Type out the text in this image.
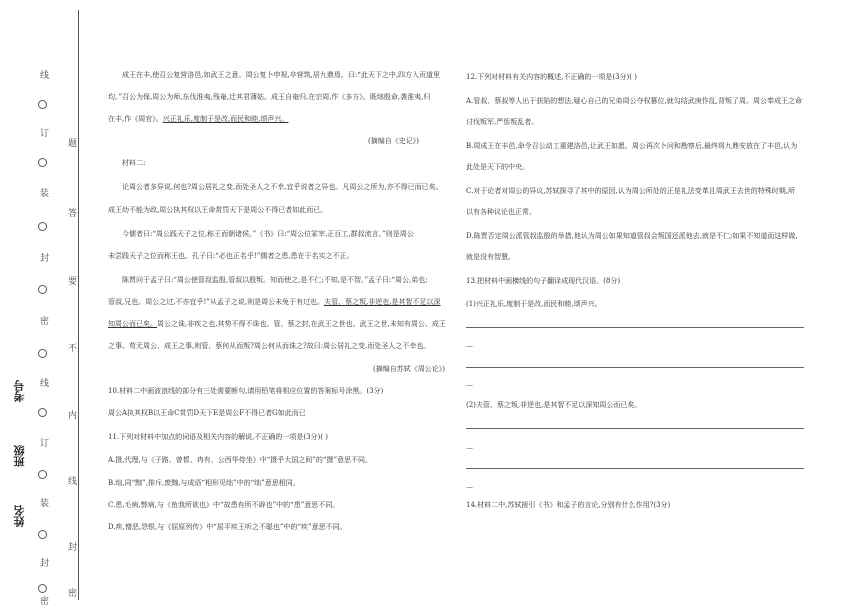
线
订
装
封
密
线
订
装
封
密
题
答
要
不
内
线
封
密
考号
班级
姓名
成王在丰,使召公复营洛邑,如武王之意。周公复卜申视,卒营筑,居九鼎焉。曰:“此天下之中,四方入贡道里
均。”召公为保,周公为师,东伐淮夷,残奄,迁其君薄姑。成王自奄归,在宗周,作《多方》。既绌殷命,袭淮夷,归
在丰,作《周官》。兴正礼乐,度制于是改,而民和睦,颂声兴。
(摘编自《史记》)
材料二:
论周公者多异说,何也?周公居礼之变,而处圣人之不幸,宜乎说者之异也。凡周公之所为,亦不得已而已矣。
成王幼不能为政,周公执其权以王命赏罚天下是周公不得已者如此而已。
今儒者曰:“周公践天子之位,称王而朝诸侯。”《书》曰:“周公位冢宰,正百工,群叔流言。”则是周公
未尝践天子之位而称王也。孔子曰:“必也正名乎!”儒者之患,患在于名实之不正。
陈贾问于孟子曰:“周公使管叔监殷,管叔以殷叛。知而使之,是不仁;不知,是不智。”孟子曰:“周公,弟也;
管叔,兄也。周公之过,不亦宜乎!”从孟子之说,则是周公未免于有过也。夫管、蔡之叛,非逆也,是其智不足以深
知周公而已矣。周公之诛,非疾之也,其势不得不诛也。管、蔡之封,在武王之世也。武王之世,未知有周公、成王
之事。苟无周公、成王之事,则管、蔡何从而叛?周公何从而诛之?故曰:周公居礼之变,而处圣人之不幸也。
(摘编自苏轼《周公论》)
10.材料二中画波浪线的部分有三处需要断句,请用铅笔将相应位置的答案标号涂黑。(3分)
周公A执其权B以王命C赏罚D天下E是周公F不得已者G如此而已
11.下列对材料中加点的词语及相关内容的解说,不正确的一项是(3分)( )
A.摄,代理,与《子路、曾皙、冉有、公西华侍坐》中“摄乎大国之间”的“摄”意思不同。
B.绌,同“黜”,排斥,废黜,与成语“相形见绌”中的“绌”意思相同。
C.患,毛病,弊病,与《鱼我所欲也》中“故患有所不辟也”中的“患”意思不同。
D.疾,憎恶,怨恨,与《屈原列传》中“屈平疾王听之不聪也”中的“疾”意思不同。
12.下列对材料有关内容的概述,不正确的一项是(3分)( )
A.管叔、蔡叔等人出于获陷的想法,疑心自己的兄弟周公夺权篡位,就勾结武庚作乱,背叛了周。周公奉成王之命
讨伐叛军,严惩叛乱者。
B.周成王在丰邑,命令召公动工重建洛邑,让武王如愿。周公再次卜问和勘察后,最终将九鼎安放在了丰邑,认为
此处是天下的中央。
C.对于论者对周公的异议,苏轼探寻了其中的原因,认为周公所处的正是礼法变革且周武王去世的特殊时期,所
以有各种议论也正常。
D.陈贾否定周公派管叔监殷的举措,他认为周公如果知道管叔会叛国还派他去,就是不仁;如果不知道而这样做,
就是没有智慧。
13.把材料中画横线的句子翻译成现代汉语。(8分)
(1)兴正礼乐,度制于是改,而民和睦,颂声兴。
—
—
(2)夫管、蔡之叛,非逆也,是其智不足以深知周公而已矣。
—
—
14.材料二中,苏轼援引《书》和孟子的言论,分别有什么作用?(3分)
